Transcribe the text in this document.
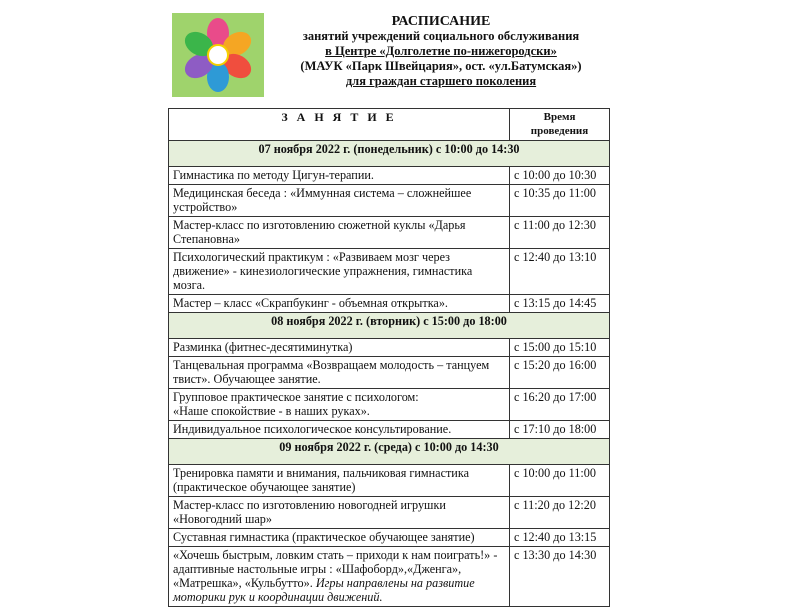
РАСПИСАНИЕ
занятий учреждений социального обслуживания
в Центре «Долголетие по-нижегородски»
(МАУК «Парк Швейцария», ост. «ул.Батумская»)
для граждан старшего поколения
З А Н Я Т И Е	Время проведения
07 ноября 2022 г. (понедельник) с 10:00 до 14:30	
Гимнастика по методу Цигун-терапии.	с 10:00 до 10:30
Медицинская беседа : «Иммунная система – сложнейшее устройство»	с 10:35 до 11:00
Мастер-класс по изготовлению сюжетной куклы «Дарья Степановна»	с 11:00 до 12:30
Психологический практикум : «Развиваем мозг через движение» - кинезиологические упражнения, гимнастика мозга.	с 12:40 до 13:10
Мастер – класс «Скрапбукинг - объемная открытка».	с 13:15 до 14:45
08 ноября 2022 г. (вторник) с 15:00 до 18:00	
Разминка (фитнес-десятиминутка)	с 15:00 до 15:10
Танцевальная программа «Возвращаем молодость – танцуем твист». Обучающее занятие.	с 15:20 до 16:00

Групповое практическое занятие с психологом:
«Наше спокойствие - в наших руках».	с 16:20 до 17:00
Индивидуальное психологическое консультирование.	с 17:10 до 18:00
09 ноября 2022 г. (среда) с 10:00 до 14:30	
Тренировка памяти и внимания, пальчиковая гимнастика (практическое обучающее занятие)	с 10:00 до 11:00
Мастер-класс по изготовлению новогодней игрушки «Новогодний шар»	с 11:20 до 12:20
Суставная гимнастика (практическое обучающее занятие)	с 12:40 до 13:15
«Хочешь быстрым, ловким стать – приходи к нам поиграть!» - адаптивные настольные игры : «Шафоборд»,«Дженга», «Матрешка», «Кульбутто». Игры направлены на развитие моторики рук и координации движений.	с 13:30 до 14:30
